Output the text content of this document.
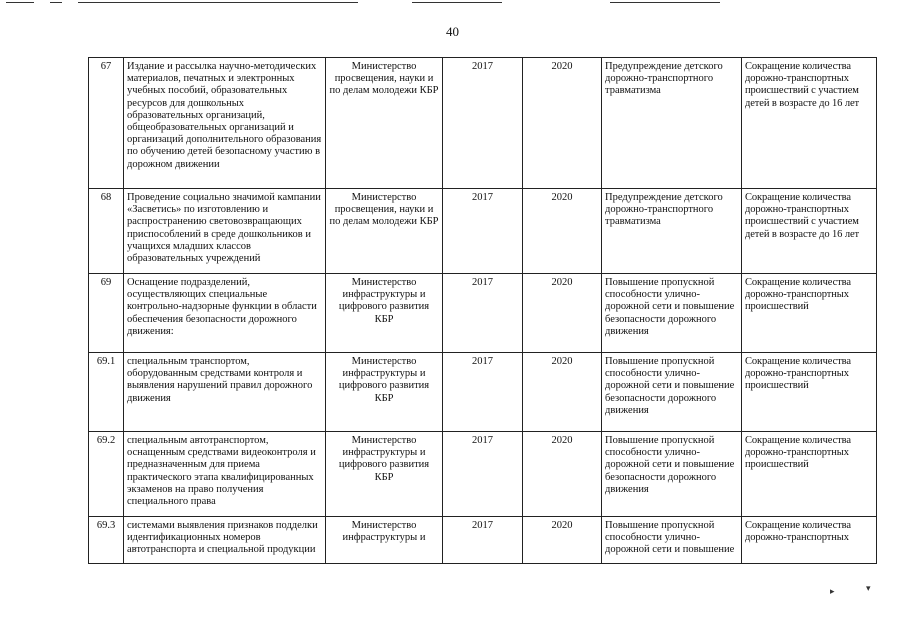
40
67	Издание и рассылка научно-методических материалов, печатных и электронных учебных пособий, образовательных ресурсов для дошкольных образовательных организаций, общеобразовательных организаций и организаций дополнительного образования по обучению детей безопасному участию в дорожном движении	Министерство просвещения, науки и по делам молодежи КБР	2017	2020	Предупреждение детского дорожно-транспортного травматизма	Сокращение количества дорожно-транспортных происшествий с участием детей в возрасте до 16 лет
68	Проведение социально значимой кампании «Засветись» по изготовлению и распространению световозвращающих приспособлений в среде дошкольников и учащихся младших классов образовательных учреждений	Министерство просвещения, науки и по делам молодежи КБР	2017	2020	Предупреждение детского дорожно-транспортного травматизма	Сокращение количества дорожно-транспортных происшествий с участием детей в возрасте до 16 лет
69	Оснащение подразделений, осуществляющих специальные контрольно-надзорные функции в области обеспечения безопасности дорожного движения:	Министерство инфраструктуры и цифрового развития КБР	2017	2020	Повышение пропускной способности улично-дорожной сети и повышение безопасности дорожного движения	Сокращение количества дорожно-транспортных происшествий
69.1	специальным транспортом, оборудованным средствами контроля и выявления нарушений правил дорожного движения	Министерство инфраструктуры и цифрового развития КБР	2017	2020	Повышение пропускной способности улично-дорожной сети и повышение безопасности дорожного движения	Сокращение количества дорожно-транспортных происшествий
69.2	специальным автотранспортом, оснащенным средствами видеоконтроля и предназначенным для приема практического этапа квалифицированных экзаменов на право получения специального права	Министерство инфраструктуры и цифрового развития КБР	2017	2020	Повышение пропускной способности улично-дорожной сети и повышение безопасности дорожного движения	Сокращение количества дорожно-транспортных происшествий
69.3	системами выявления признаков подделки идентификационных номеров автотранспорта и специальной продукции	Министерство инфраструктуры и	2017	2020	Повышение пропускной способности улично-дорожной сети и повышение	Сокращение количества дорожно-транспортных
▸	▾
